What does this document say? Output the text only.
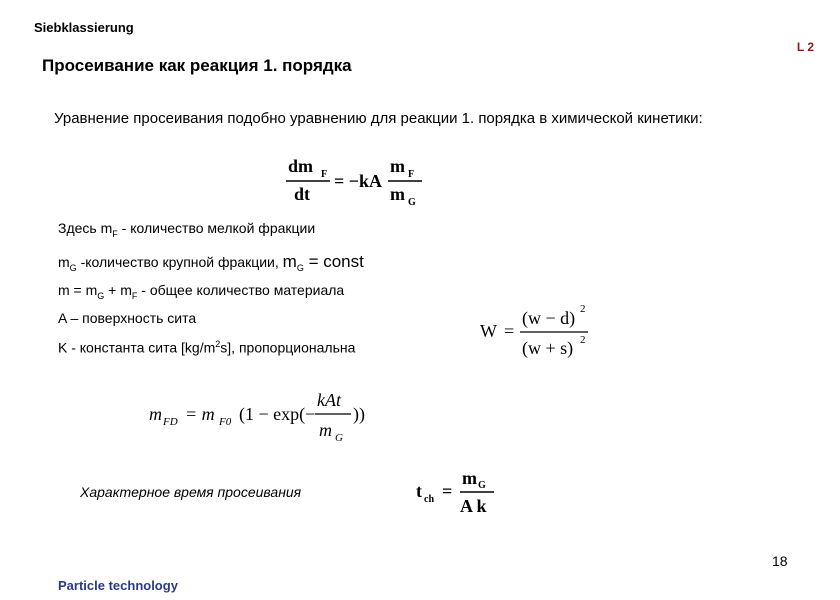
Siebklassierung
L 2
Просеивание как реакция 1. порядка
Уравнение просеивания подобно уравнению для реакции 1. порядка в химической кинетики:
dm F
dt
= −kA
m F
m G
Здесь $m_F$ - количество мелкой фракции
$m_G$ -количество крупной фракции, $m_G$ = const
$m = m_G + m_F$ - общее количество материала
A – поверхность сита
K - константа сита $[kg/m^2s]$, пропорциональна
W =
(w − d) 2
(w + s) 2
m FD = m F0 (1 − exp(−
kAt
m G
))
Характерное время просеивания	t ch =
m G
A k
18
Particle technology
